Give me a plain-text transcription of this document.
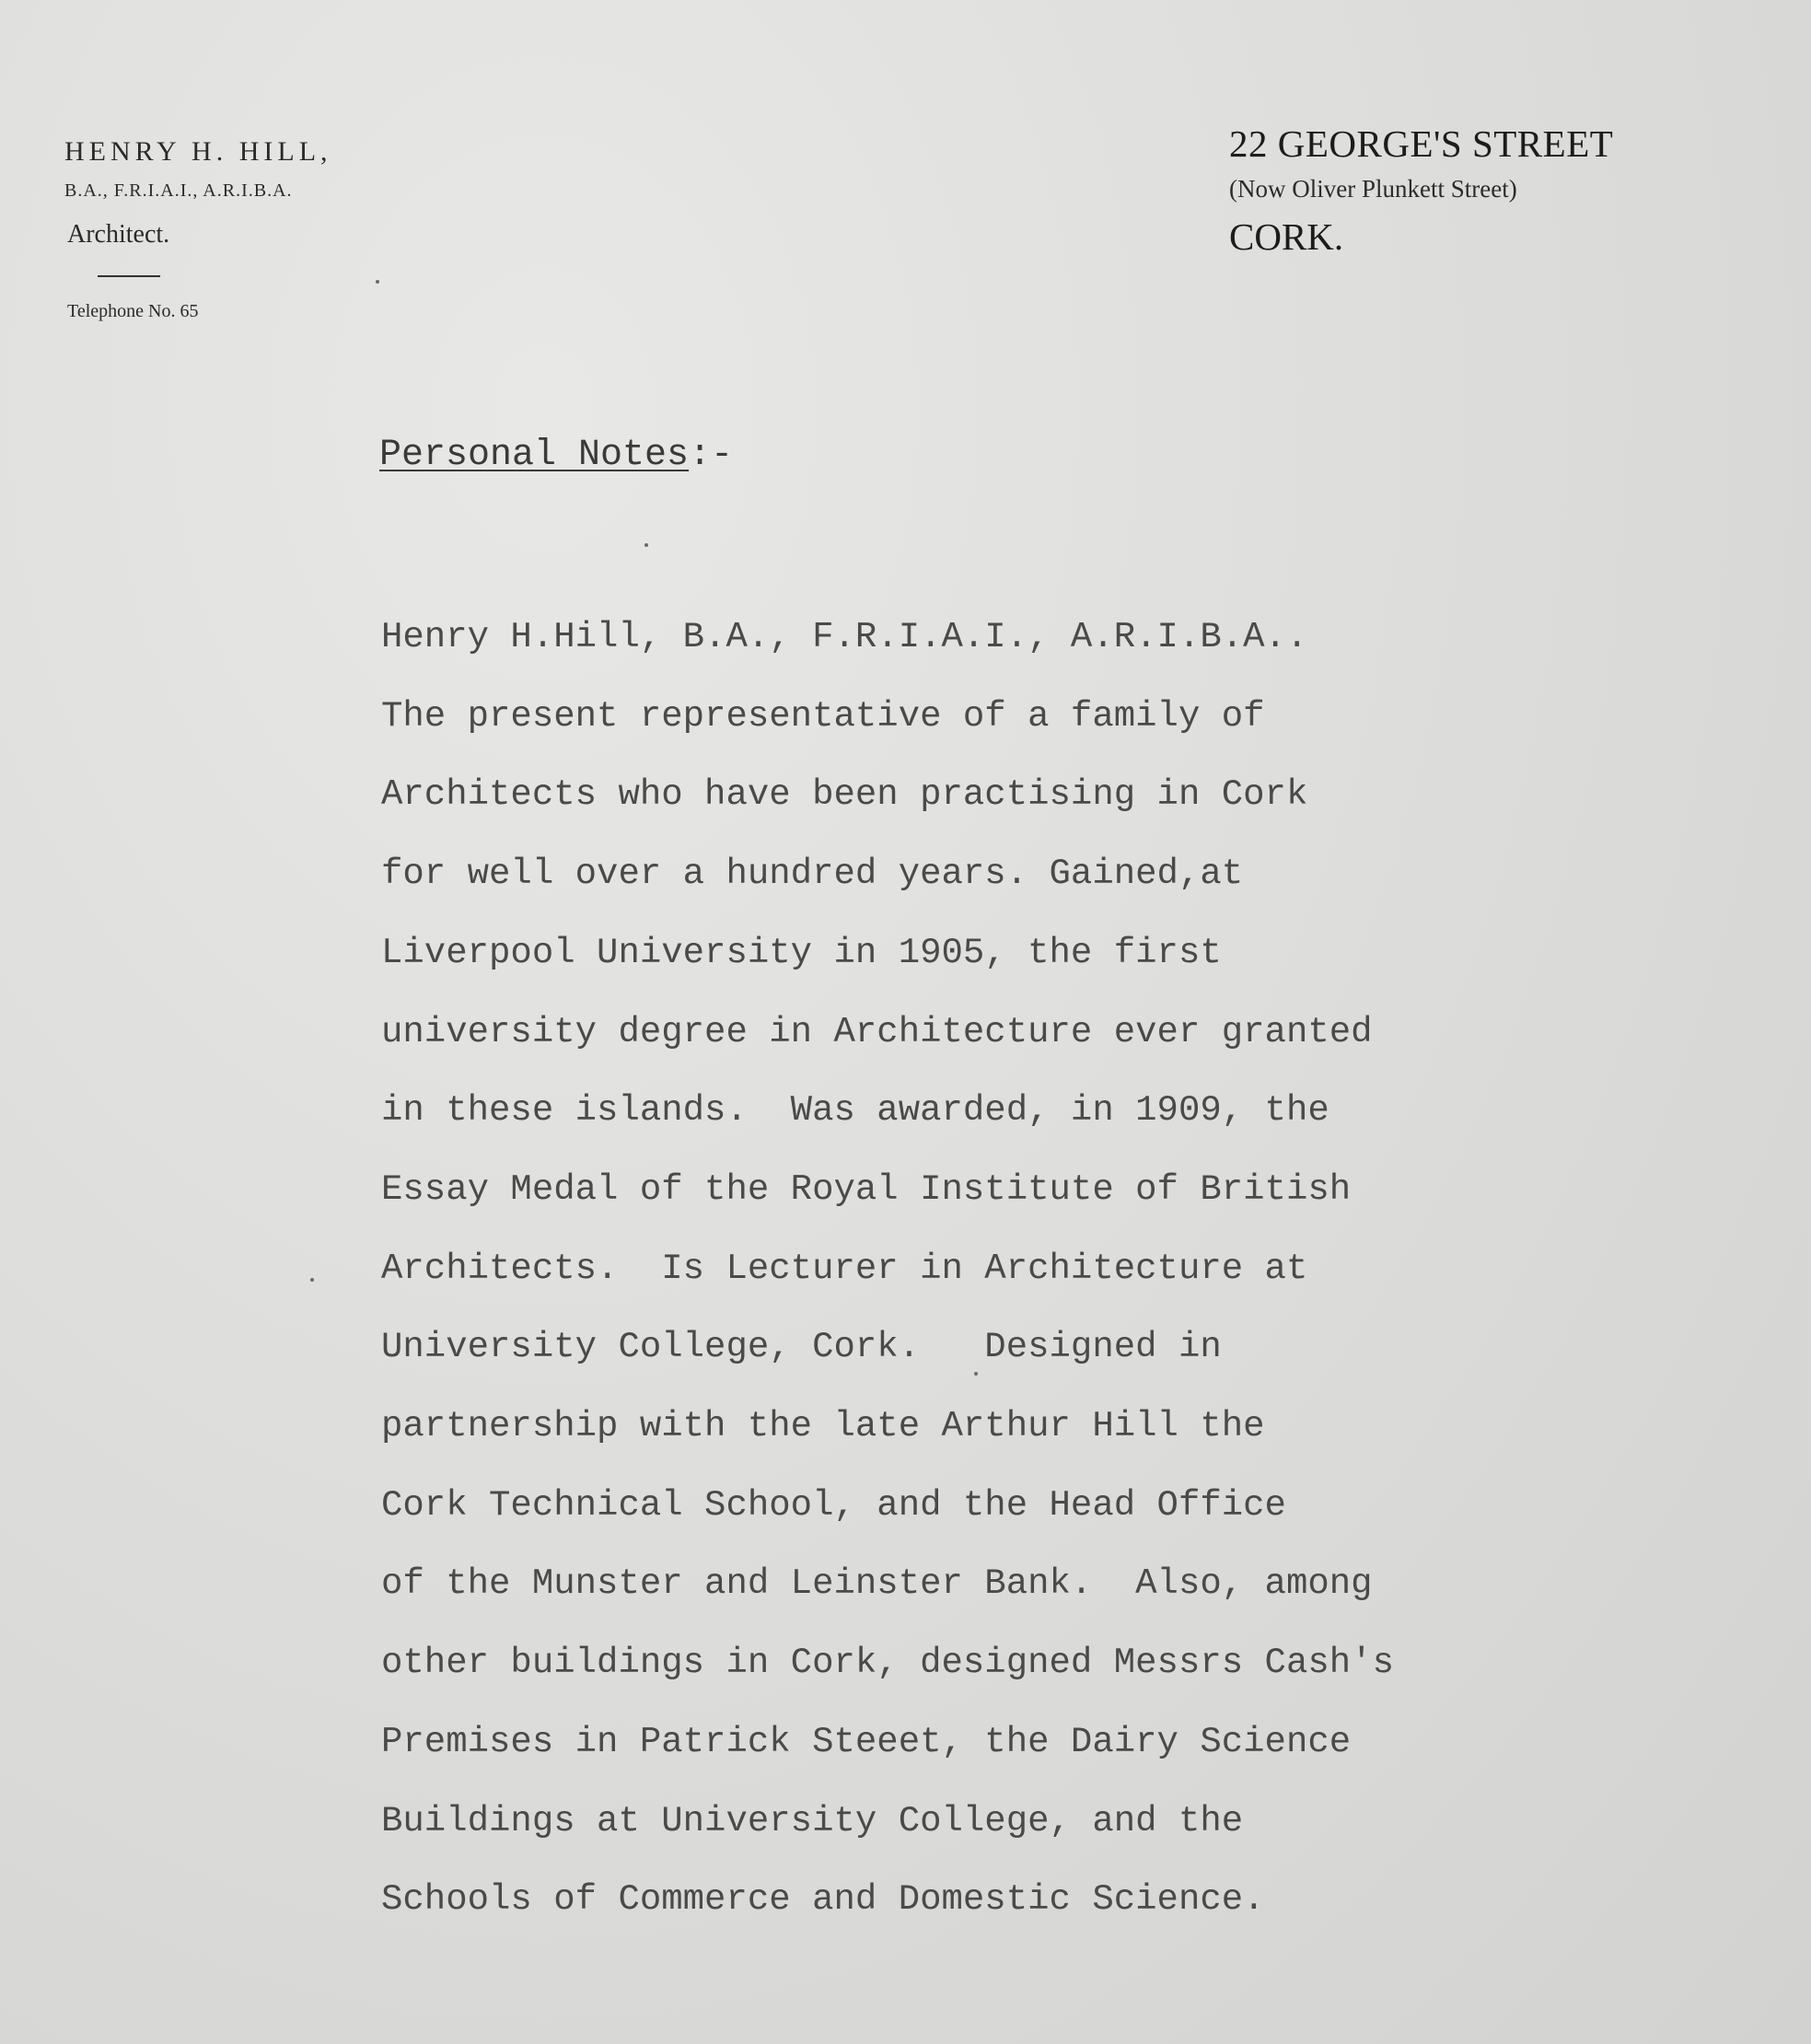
HENRY H. HILL,

B.A., F.R.I.A.I., A.R.I.B.A.

Architect.

Telephone No. 65

22 GEORGE'S STREET

(Now Oliver Plunkett Street)

CORK.

Personal Notes:-

Henry H.Hill, B.A., F.R.I.A.I., A.R.I.B.A..
The present representative of a family of
Architects who have been practising in Cork
for well over a hundred years. Gained,at
Liverpool University in 1905, the first
university degree in Architecture ever granted
in these islands.  Was awarded, in 1909, the
Essay Medal of the Royal Institute of British
Architects.  Is Lecturer in Architecture at
University College, Cork.   Designed in
partnership with the late Arthur Hill the
Cork Technical School, and the Head Office
of the Munster and Leinster Bank.  Also, among
other buildings in Cork, designed Messrs Cash's
Premises in Patrick Steeet, the Dairy Science
Buildings at University College, and the
Schools of Commerce and Domestic Science.
